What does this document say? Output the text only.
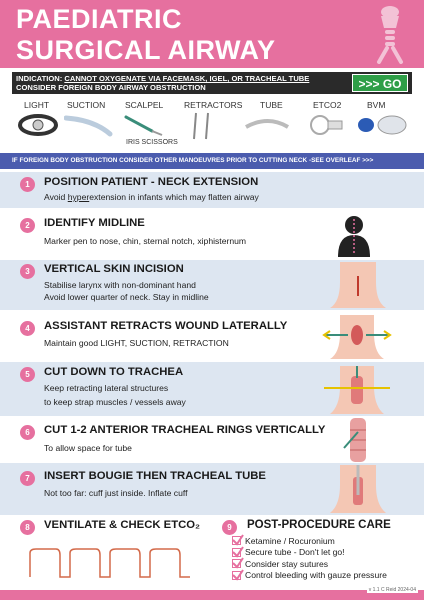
PAEDIATRIC
SURGICAL AIRWAY
INDICATION: CANNOT OXYGENATE VIA FACEMASK, IGEL, OR TRACHEAL TUBE
CONSIDER FOREIGN BODY AIRWAY OBSTRUCTION	>>> GO
LIGHT SUCTION SCALPEL RETRACTORS TUBE	ETCO2	BVM
IRIS SCISSORS
IF FOREIGN BODY OBSTRUCTION CONSIDER OTHER MANOEUVRES PRIOR TO CUTTING NECK -SEE OVERLEAF >>>
1	POSITION PATIENT - NECK EXTENSION
Avoid hyperextension in infants which may flatten airway
2	IDENTIFY MIDLINE
Marker pen to nose, chin, sternal notch, xiphisternum
3	VERTICAL SKIN INCISION
Stabilise larynx with non-dominant hand
Avoid lower quarter of neck. Stay in midline
4	ASSISTANT RETRACTS WOUND LATERALLY
Maintain good LIGHT, SUCTION, RETRACTION
5	CUT DOWN TO TRACHEA
Keep retracting lateral structures
to keep strap muscles / vessels away
6	CUT 1-2 ANTERIOR TRACHEAL RINGS VERTICALLY
To allow space for tube
7	INSERT BOUGIE THEN TRACHEAL TUBE
Not too far: cuff just inside. Inflate cuff
8	VENTILATE & CHECK ETCO₂	9	POST-PROCEDURE CARE
Ketamine / Rocuronium
Secure tube - Don't let go!
Consider stay sutures
Control bleeding with gauze pressure
v 1.1 C Reid 2024-04
